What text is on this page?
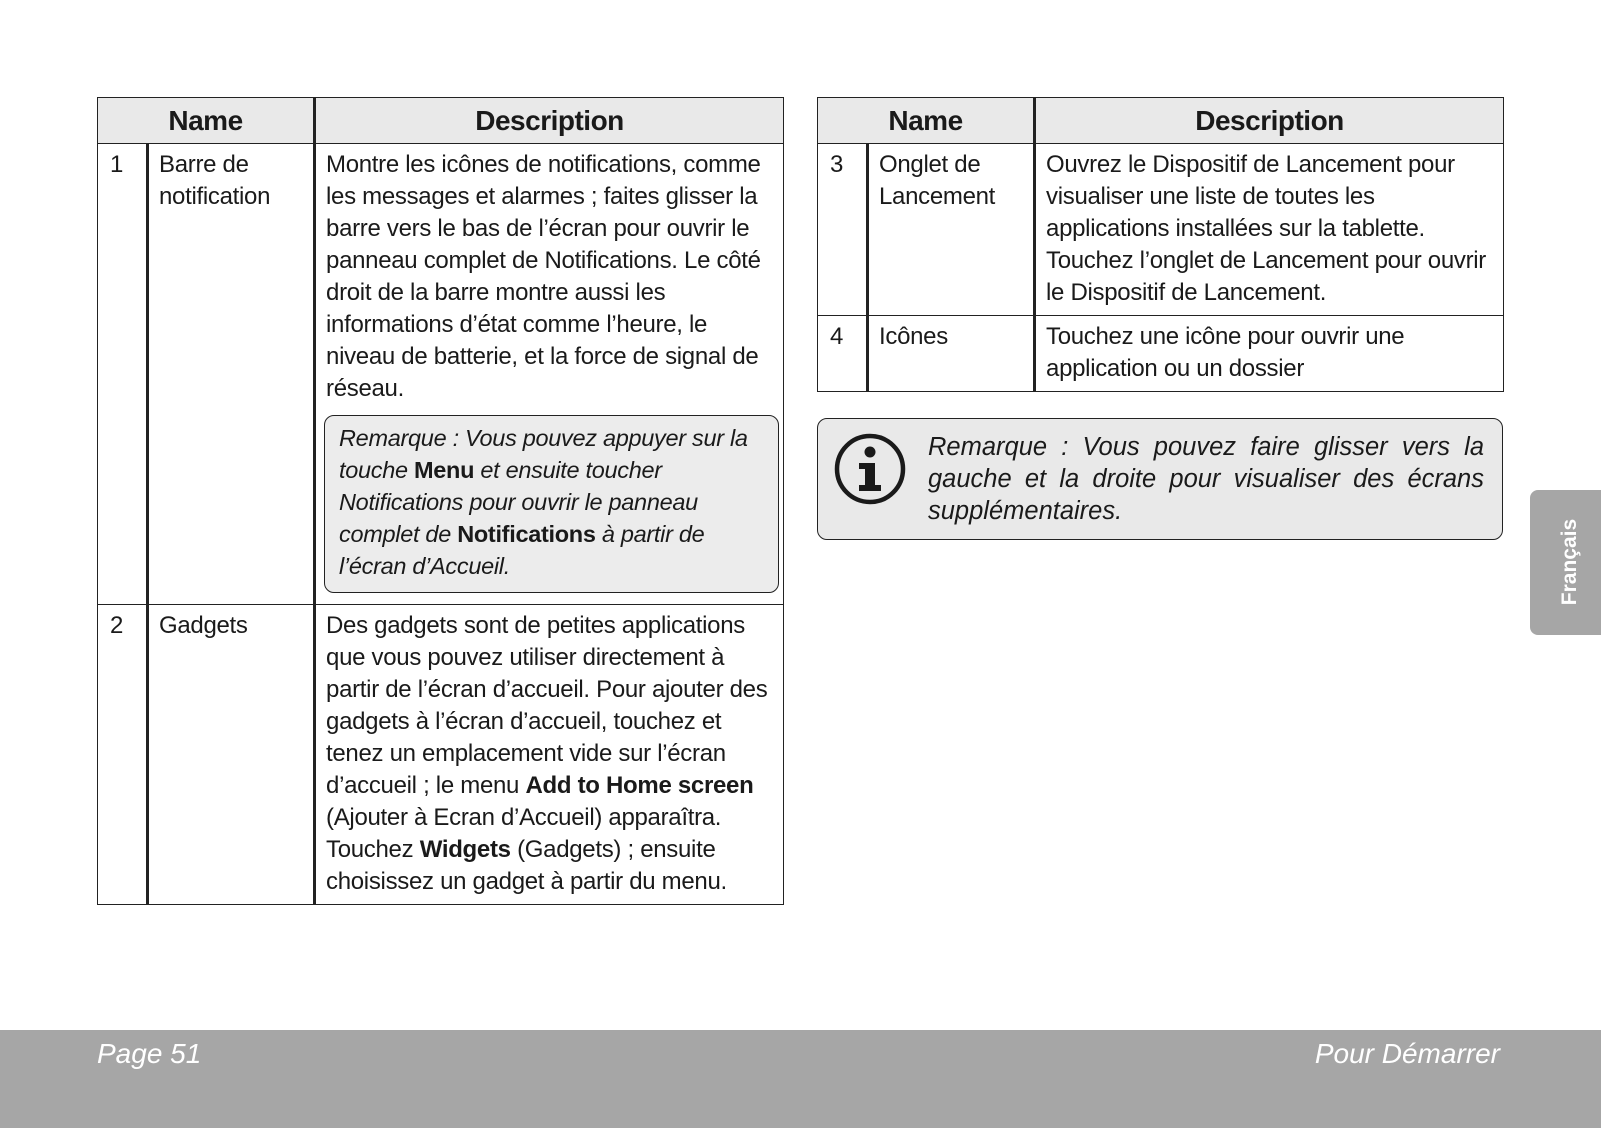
Name		Description
1	Barre de notification	Montre les icônes de notifications, comme les messages et alarmes ; faites glisser la barre vers le bas de l’écran pour ouvrir le panneau complet de Notifications. Le côté droit de la barre montre aussi les informations d’état comme l’heure, le niveau de batterie, et la force de signal de réseau.
Remarque : Vous pouvez appuyer sur la touche Menu et ensuite toucher Notifications pour ouvrir le panneau complet de Notifications à partir de l’écran d’Accueil.

2	Gadgets	Des gadgets sont de petites applications que vous pouvez utiliser directement à partir de l’écran d’accueil. Pour ajouter des gadgets à l’écran d’accueil, touchez et tenez un emplacement vide sur l’écran d’accueil ; le menu Add to Home screen (Ajouter à Ecran d’Accueil) apparaîtra. Touchez Widgets (Gadgets) ; ensuite choisissez un gadget à partir du menu.
Name		Description
3	Onglet de Lancement	Ouvrez le Dispositif de Lancement pour visualiser une liste de toutes les applications installées sur la tablette. Touchez l’onglet de Lancement pour ouvrir le Dispositif de Lancement.
4	Icônes	Touchez une icône pour ouvrir une application ou un dossier
Remarque : Vous pouvez faire glisser vers la gauche et la droite pour visualiser des écrans supplémentaires.
Français
Page 51	Pour Démarrer
